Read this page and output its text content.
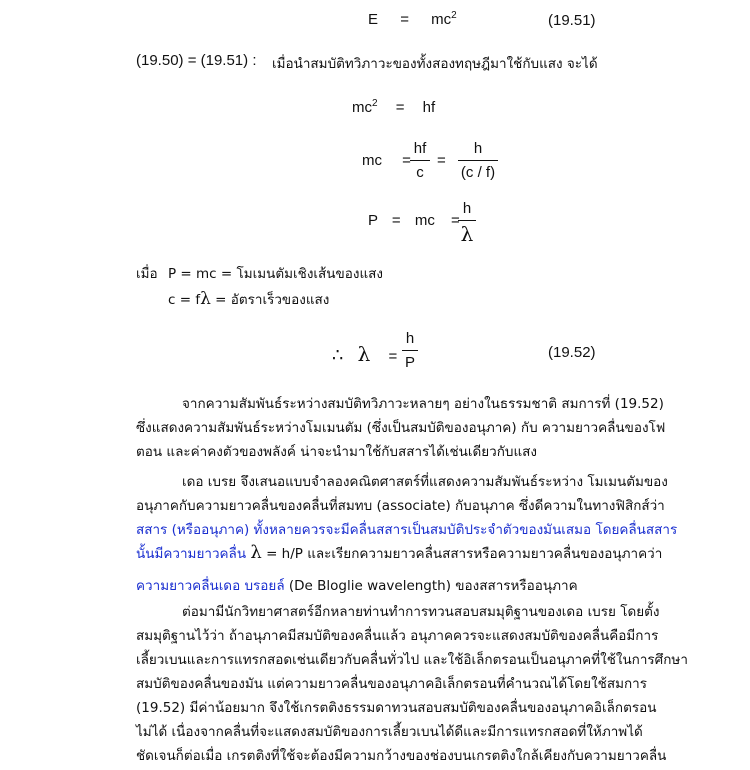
$E = mc^2$	(19.51)
(19.50) = (19.51) : เมื่อนำสมบัติทวิภาวะของทั้งสองทฤษฎีมาใช้กับแสง จะได้
$mc^2$ = hf
mc =
hf
c
=
h
(c / f)
P = mc =
h
λ
เมื่อ P = mc = โมเมนตัมเชิงเส้นของแสง
c = fλ = อัตราเร็วของแสง
∴ λ =
h
P
(19.52)
จากความสัมพันธ์ระหว่างสมบัติทวิภาวะหลายๆ อย่างในธรรมชาติ สมการที่ (19.52)
ซึ่งแสดงความสัมพันธ์ระหว่างโมเมนตัม (ซึ่งเป็นสมบัติของอนุภาค) กับ ความยาวคลื่นของโฟ
ตอน และค่าคงตัวของพลังค์ น่าจะนำมาใช้กับสสารได้เช่นเดียวกับแสง
เดอ เบรย จึงเสนอแบบจำลองคณิตศาสตร์ที่แสดงความสัมพันธ์ระหว่าง โมเมนตัมของ
อนุภาคกับความยาวคลื่นของคลื่นที่สมทบ (associate) กับอนุภาค ซึ่งดีความในทางฟิสิกส์ว่า
สสาร (หรืออนุภาค) ทั้งหลายควรจะมีคลื่นสสารเป็นสมบัติประจำตัวของมันเสมอ โดยคลื่นสสาร
นั้นมีความยาวคลื่น λ = h/P และเรียกความยาวคลื่นสสารหรือความยาวคลื่นของอนุภาคว่า
ความยาวคลื่นเดอ บรอยล์ (De Bloglie wavelength) ของสสารหรืออนุภาค
ต่อมามีนักวิทยาศาสตร์อีกหลายท่านทำการทวนสอบสมมุติฐานของเดอ เบรย โดยตั้ง
สมมุติฐานไว้ว่า ถ้าอนุภาคมีสมบัติของคลื่นแล้ว อนุภาคควรจะแสดงสมบัติของคลื่นคือมีการ
เลี้ยวเบนและการแทรกสอดเช่นเดียวกับคลื่นทั่วไป และใช้อิเล็กตรอนเป็นอนุภาคที่ใช้ในการศึกษา
สมบัติของคลื่นของมัน แต่ความยาวคลื่นของอนุภาคอิเล็กตรอนที่คำนวณได้โดยใช้สมการ
(19.52) มีค่าน้อยมาก จึงใช้เกรตติงธรรมดาทวนสอบสมบัติของคลื่นของอนุภาคอิเล็กตรอน
ไม่ได้ เนื่องจากคลื่นที่จะแสดงสมบัติของการเลี้ยวเบนได้ดีและมีการแทรกสอดที่ให้ภาพได้
ชัดเจนก็ต่อเมื่อ เกรตติงที่ใช้จะต้องมีความกว้างของช่องบนเกรตติงใกล้เคียงกับความยาวคลื่น
